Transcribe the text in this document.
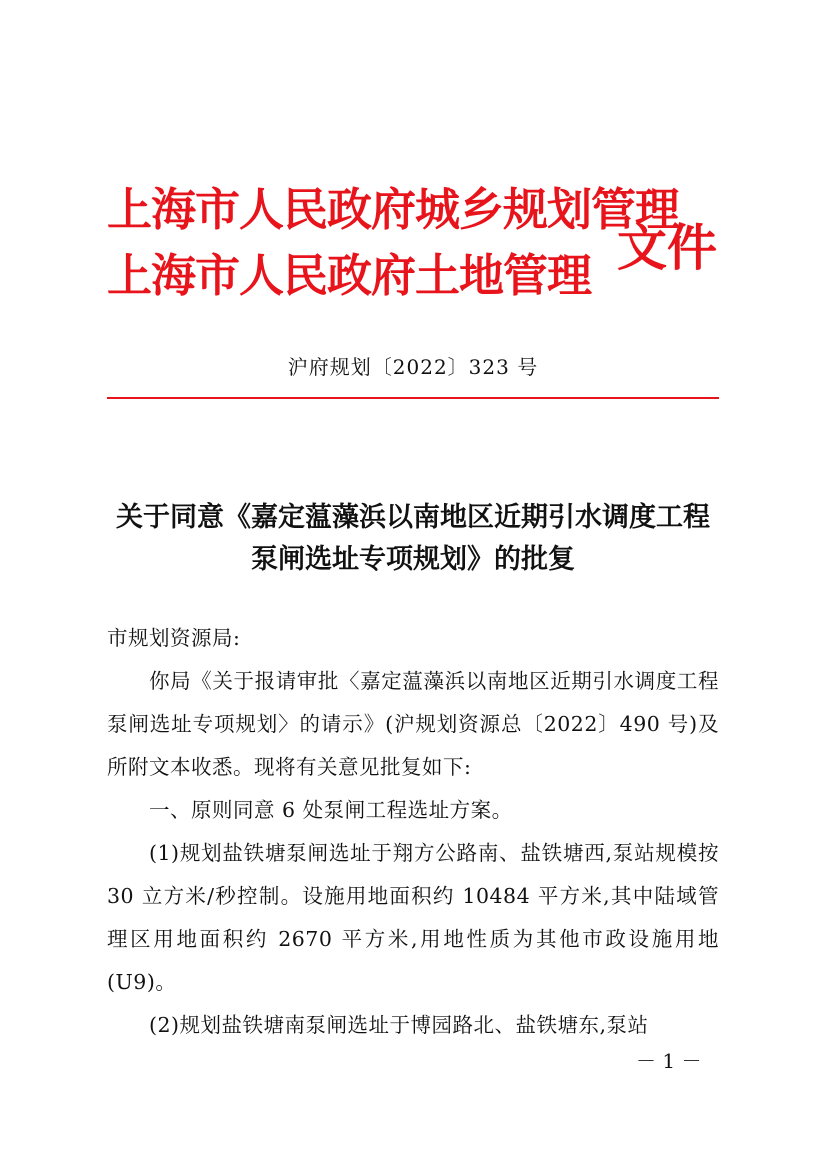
上海市人民政府城乡规划管理
上海市人民政府土地管理 文件
沪府规划〔2022〕323 号
关于同意《嘉定蕰藻浜以南地区近期引水调度工程
泵闸选址专项规划》的批复

市规划资源局:

你局《关于报请审批〈嘉定蕰藻浜以南地区近期引水调度工程泵闸选址专项规划〉的请示》(沪规划资源总〔2022〕490 号)及所附文本收悉。现将有关意见批复如下:

一、原则同意 6 处泵闸工程选址方案。

(1)规划盐铁塘泵闸选址于翔方公路南、盐铁塘西,泵站规模按 30 立方米/秒控制。设施用地面积约 10484 平方米,其中陆域管理区用地面积约 2670 平方米,用地性质为其他市政设施用地(U9)。

(2)规划盐铁塘南泵闸选址于博园路北、盐铁塘东,泵站

－ 1 －
